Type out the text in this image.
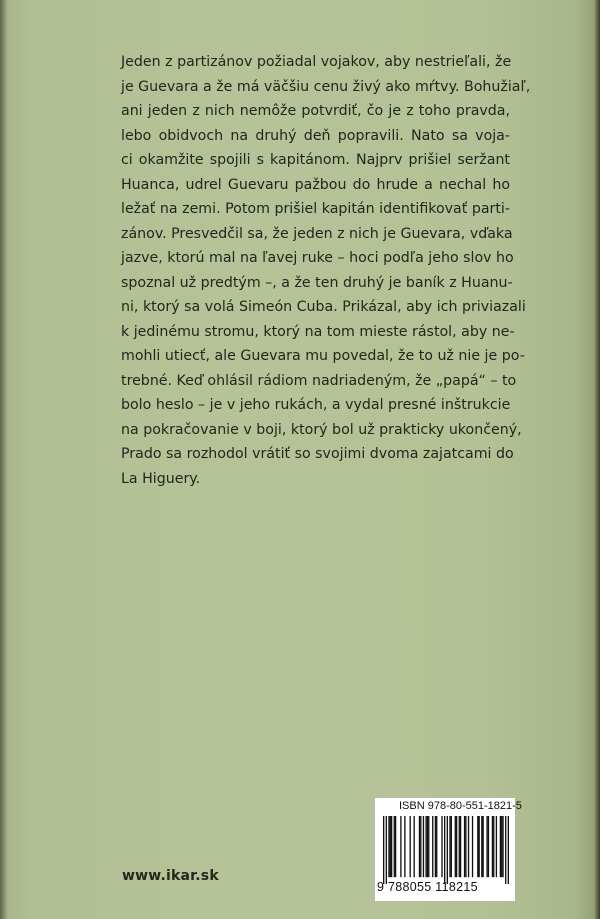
Jeden z partizánov požiadal vojakov, aby nestrieľali, že
je Guevara a že má väčšiu cenu živý ako mŕtvy. Bohužiaľ,
ani jeden z nich nemôže potvrdiť, čo je z toho pravda,
lebo obidvoch na druhý deň popravili. Nato sa voja-
ci okamžite spojili s kapitánom. Najprv prišiel seržant
Huanca, udrel Guevaru pažbou do hrude a nechal ho
ležať na zemi. Potom prišiel kapitán identifikovať parti-
zánov. Presvedčil sa, že jeden z nich je Guevara, vďaka
jazve, ktorú mal na ľavej ruke – hoci podľa jeho slov ho
spoznal už predtým –, a že ten druhý je baník z Huanu-
ni, ktorý sa volá Simeón Cuba. Prikázal, aby ich priviazali
k jedinému stromu, ktorý na tom mieste rástol, aby ne-
mohli utiecť, ale Guevara mu povedal, že to už nie je po-
trebné. Keď ohlásil rádiom nadriadeným, že „papá“ – to
bolo heslo – je v jeho rukách, a vydal presné inštrukcie
na pokračovanie v boji, ktorý bol už prakticky ukončený,
Prado sa rozhodol vrátiť so svojimi dvoma zajatcami do
La Higuery.

www.ikar.sk
ISBN 978-80-551-1821-5
9 788055 118215
